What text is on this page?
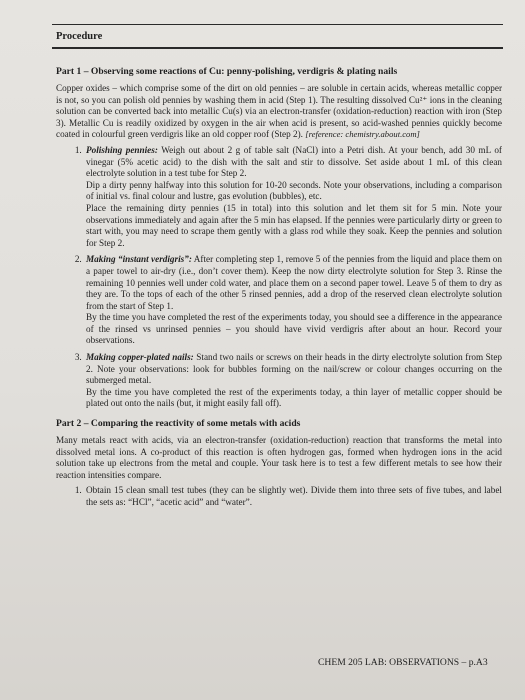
Procedure
Part 1 – Observing some reactions of Cu: penny-polishing, verdigris & plating nails

Copper oxides – which comprise some of the dirt on old pennies – are soluble in certain acids, whereas metallic copper is not, so you can polish old pennies by washing them in acid (Step 1). The resulting dissolved Cu²⁺ ions in the cleaning solution can be converted back into metallic Cu(s) via an electron-transfer (oxidation-reduction) reaction with iron (Step 3). Metallic Cu is readily oxidized by oxygen in the air when acid is present, so acid-washed pennies quickly become coated in colourful green verdigris like an old copper roof (Step 2). [reference: chemistry.about.com]

1. Polishing pennies: Weigh out about 2 g of table salt (NaCl) into a Petri dish. At your bench, add 30 mL of vinegar (5% acetic acid) to the dish with the salt and stir to dissolve. Set aside about 1 mL of this clean electrolyte solution in a test tube for Step 2.

Dip a dirty penny halfway into this solution for 10-20 seconds. Note your observations, including a comparison of initial vs. final colour and lustre, gas evolution (bubbles), etc.

Place the remaining dirty pennies (15 in total) into this solution and let them sit for 5 min. Note your observations immediately and again after the 5 min has elapsed. If the pennies were particularly dirty or green to start with, you may need to scrape them gently with a glass rod while they soak. Keep the pennies and solution for Step 2.

2. Making “instant verdigris”: After completing step 1, remove 5 of the pennies from the liquid and place them on a paper towel to air-dry (i.e., don’t cover them). Keep the now dirty electrolyte solution for Step 3. Rinse the remaining 10 pennies well under cold water, and place them on a second paper towel. Leave 5 of them to dry as they are. To the tops of each of the other 5 rinsed pennies, add a drop of the reserved clean electrolyte solution from the start of Step 1.

By the time you have completed the rest of the experiments today, you should see a difference in the appearance of the rinsed vs unrinsed pennies – you should have vivid verdigris after about an hour. Record your observations.

3. Making copper-plated nails: Stand two nails or screws on their heads in the dirty electrolyte solution from Step 2. Note your observations: look for bubbles forming on the nail/screw or colour changes occurring on the submerged metal.

By the time you have completed the rest of the experiments today, a thin layer of metallic copper should be plated out onto the nails (but, it might easily fall off).

Part 2 – Comparing the reactivity of some metals with acids

Many metals react with acids, via an electron-transfer (oxidation-reduction) reaction that transforms the metal into dissolved metal ions. A co-product of this reaction is often hydrogen gas, formed when hydrogen ions in the acid solution take up electrons from the metal and couple. Your task here is to test a few different metals to see how their reaction intensities compare.

1. Obtain 15 clean small test tubes (they can be slightly wet). Divide them into three sets of five tubes, and label the sets as: “HCl”, “acetic acid” and “water”.

CHEM 205 LAB: OBSERVATIONS – p.A3
